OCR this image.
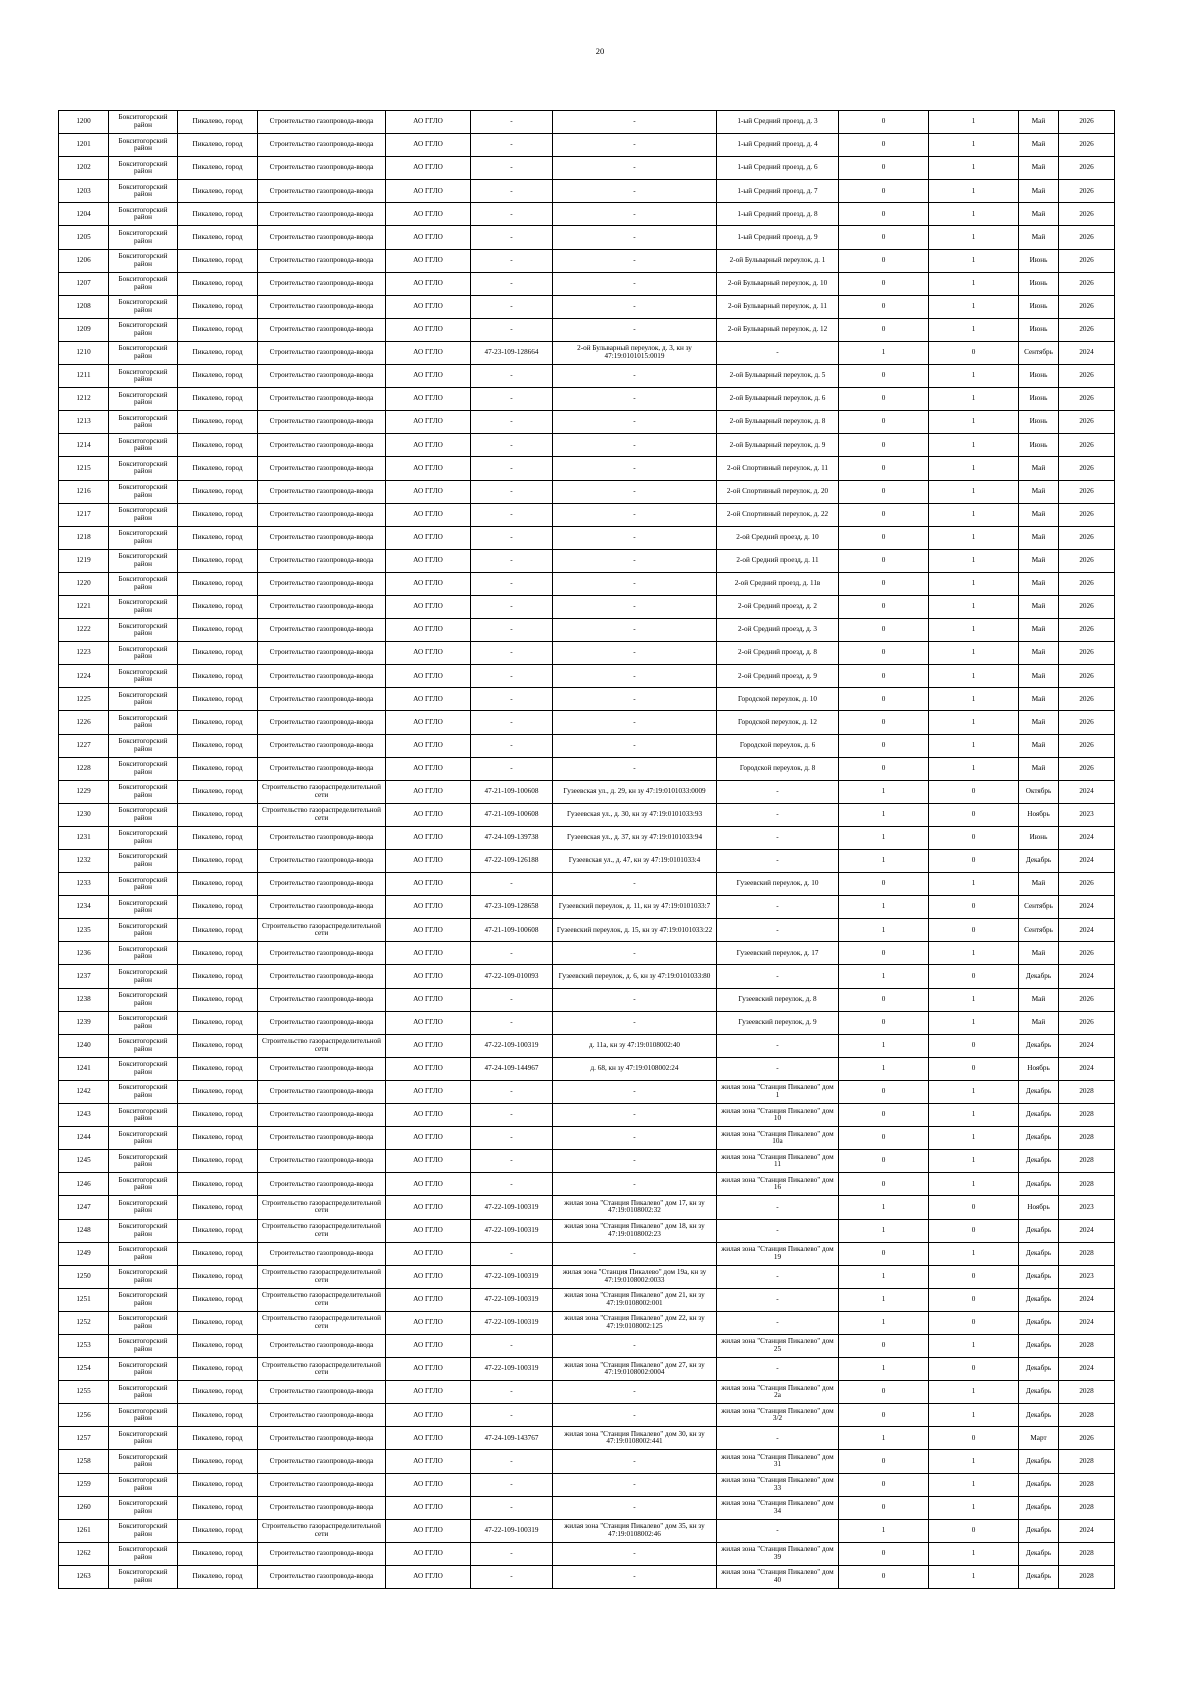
20
1200	Бокситогорский район	Пикалево, город	Строительство газопровода-ввода	АО ГГЛО	-	-	1-ый Средний проезд, д. 3	0	1	Май	2026
1201	Бокситогорский район	Пикалево, город	Строительство газопровода-ввода	АО ГГЛО	-	-	1-ый Средний проезд, д. 4	0	1	Май	2026
1202	Бокситогорский район	Пикалево, город	Строительство газопровода-ввода	АО ГГЛО	-	-	1-ый Средний проезд, д. 6	0	1	Май	2026
1203	Бокситогорский район	Пикалево, город	Строительство газопровода-ввода	АО ГГЛО	-	-	1-ый Средний проезд, д. 7	0	1	Май	2026
1204	Бокситогорский район	Пикалево, город	Строительство газопровода-ввода	АО ГГЛО	-	-	1-ый Средний проезд, д. 8	0	1	Май	2026
1205	Бокситогорский район	Пикалево, город	Строительство газопровода-ввода	АО ГГЛО	-	-	1-ый Средний проезд, д. 9	0	1	Май	2026
1206	Бокситогорский район	Пикалево, город	Строительство газопровода-ввода	АО ГГЛО	-	-	2-ой Бульварный переулок, д. 1	0	1	Июнь	2026
1207	Бокситогорский район	Пикалево, город	Строительство газопровода-ввода	АО ГГЛО	-	-	2-ой Бульварный переулок, д. 10	0	1	Июнь	2026
1208	Бокситогорский район	Пикалево, город	Строительство газопровода-ввода	АО ГГЛО	-	-	2-ой Бульварный переулок, д. 11	0	1	Июнь	2026
1209	Бокситогорский район	Пикалево, город	Строительство газопровода-ввода	АО ГГЛО	-	-	2-ой Бульварный переулок, д. 12	0	1	Июнь	2026
1210	Бокситогорский район	Пикалево, город	Строительство газопровода-ввода	АО ГГЛО	47-23-109-128664	2-ой Бульварный переулок, д. 3, кн зу 47:19:0101015:0019	-	1	0	Сентябрь	2024
1211	Бокситогорский район	Пикалево, город	Строительство газопровода-ввода	АО ГГЛО	-	-	2-ой Бульварный переулок, д. 5	0	1	Июнь	2026
1212	Бокситогорский район	Пикалево, город	Строительство газопровода-ввода	АО ГГЛО	-	-	2-ой Бульварный переулок, д. 6	0	1	Июнь	2026
1213	Бокситогорский район	Пикалево, город	Строительство газопровода-ввода	АО ГГЛО	-	-	2-ой Бульварный переулок, д. 8	0	1	Июнь	2026
1214	Бокситогорский район	Пикалево, город	Строительство газопровода-ввода	АО ГГЛО	-	-	2-ой Бульварный переулок, д. 9	0	1	Июнь	2026
1215	Бокситогорский район	Пикалево, город	Строительство газопровода-ввода	АО ГГЛО	-	-	2-ой Спортивный переулок, д. 11	0	1	Май	2026
1216	Бокситогорский район	Пикалево, город	Строительство газопровода-ввода	АО ГГЛО	-	-	2-ой Спортивный переулок, д. 20	0	1	Май	2026
1217	Бокситогорский район	Пикалево, город	Строительство газопровода-ввода	АО ГГЛО	-	-	2-ой Спортивный переулок, д. 22	0	1	Май	2026
1218	Бокситогорский район	Пикалево, город	Строительство газопровода-ввода	АО ГГЛО	-	-	2-ой Средний проезд, д. 10	0	1	Май	2026
1219	Бокситогорский район	Пикалево, город	Строительство газопровода-ввода	АО ГГЛО	-	-	2-ой Средний проезд, д. 11	0	1	Май	2026
1220	Бокситогорский район	Пикалево, город	Строительство газопровода-ввода	АО ГГЛО	-	-	2-ой Средний проезд, д. 11в	0	1	Май	2026
1221	Бокситогорский район	Пикалево, город	Строительство газопровода-ввода	АО ГГЛО	-	-	2-ой Средний проезд, д. 2	0	1	Май	2026
1222	Бокситогорский район	Пикалево, город	Строительство газопровода-ввода	АО ГГЛО	-	-	2-ой Средний проезд, д. 3	0	1	Май	2026
1223	Бокситогорский район	Пикалево, город	Строительство газопровода-ввода	АО ГГЛО	-	-	2-ой Средний проезд, д. 8	0	1	Май	2026
1224	Бокситогорский район	Пикалево, город	Строительство газопровода-ввода	АО ГГЛО	-	-	2-ой Средний проезд, д. 9	0	1	Май	2026
1225	Бокситогорский район	Пикалево, город	Строительство газопровода-ввода	АО ГГЛО	-	-	Городской переулок, д. 10	0	1	Май	2026
1226	Бокситогорский район	Пикалево, город	Строительство газопровода-ввода	АО ГГЛО	-	-	Городской переулок, д. 12	0	1	Май	2026
1227	Бокситогорский район	Пикалево, город	Строительство газопровода-ввода	АО ГГЛО	-	-	Городской переулок, д. 6	0	1	Май	2026
1228	Бокситогорский район	Пикалево, город	Строительство газопровода-ввода	АО ГГЛО	-	-	Городской переулок, д. 8	0	1	Май	2026
1229	Бокситогорский район	Пикалево, город	Строительство газораспределительной сети	АО ГГЛО	47-21-109-100608	Гузеевская ул., д. 29, кн зу 47:19:0101033:0009	-	1	0	Октябрь	2024
1230	Бокситогорский район	Пикалево, город	Строительство газораспределительной сети	АО ГГЛО	47-21-109-100608	Гузеевская ул., д. 30, кн зу 47:19:0101033:93	-	1	0	Ноябрь	2023
1231	Бокситогорский район	Пикалево, город	Строительство газопровода-ввода	АО ГГЛО	47-24-109-139738	Гузеевская ул., д. 37, кн зу 47:19:0101033:94	-	1	0	Июнь	2024
1232	Бокситогорский район	Пикалево, город	Строительство газопровода-ввода	АО ГГЛО	47-22-109-126188	Гузеевская ул., д. 47, кн зу 47:19:0101033:4	-	1	0	Декабрь	2024
1233	Бокситогорский район	Пикалево, город	Строительство газопровода-ввода	АО ГГЛО	-	-	Гузеевский переулок, д. 10	0	1	Май	2026
1234	Бокситогорский район	Пикалево, город	Строительство газопровода-ввода	АО ГГЛО	47-23-109-128658	Гузеевский переулок, д. 11, кн зу 47:19:0101033:7	-	1	0	Сентябрь	2024
1235	Бокситогорский район	Пикалево, город	Строительство газораспределительной сети	АО ГГЛО	47-21-109-100608	Гузеевский переулок, д. 15, кн зу 47:19:0101033:22	-	1	0	Сентябрь	2024
1236	Бокситогорский район	Пикалево, город	Строительство газопровода-ввода	АО ГГЛО	-	-	Гузеевский переулок, д. 17	0	1	Май	2026
1237	Бокситогорский район	Пикалево, город	Строительство газопровода-ввода	АО ГГЛО	47-22-109-010093	Гузеевский переулок, д. 6, кн зу 47:19:0101033:80	-	1	0	Декабрь	2024
1238	Бокситогорский район	Пикалево, город	Строительство газопровода-ввода	АО ГГЛО	-	-	Гузеевский переулок, д. 8	0	1	Май	2026
1239	Бокситогорский район	Пикалево, город	Строительство газопровода-ввода	АО ГГЛО	-	-	Гузеевский переулок, д. 9	0	1	Май	2026
1240	Бокситогорский район	Пикалево, город	Строительство газораспределительной сети	АО ГГЛО	47-22-109-100319	д. 11а, кн зу 47:19:0108002:40	-	1	0	Декабрь	2024
1241	Бокситогорский район	Пикалево, город	Строительство газопровода-ввода	АО ГГЛО	47-24-109-144967	д. 68, кн зу 47:19:0108002:24	-	1	0	Ноябрь	2024
1242	Бокситогорский район	Пикалево, город	Строительство газопровода-ввода	АО ГГЛО	-	-	жилая зона "Станция Пикалево" дом 1	0	1	Декабрь	2028
1243	Бокситогорский район	Пикалево, город	Строительство газопровода-ввода	АО ГГЛО	-	-	жилая зона "Станция Пикалево" дом 10	0	1	Декабрь	2028
1244	Бокситогорский район	Пикалево, город	Строительство газопровода-ввода	АО ГГЛО	-	-	жилая зона "Станция Пикалево" дом 10а	0	1	Декабрь	2028
1245	Бокситогорский район	Пикалево, город	Строительство газопровода-ввода	АО ГГЛО	-	-	жилая зона "Станция Пикалево" дом 11	0	1	Декабрь	2028
1246	Бокситогорский район	Пикалево, город	Строительство газопровода-ввода	АО ГГЛО	-	-	жилая зона "Станция Пикалево" дом 16	0	1	Декабрь	2028
1247	Бокситогорский район	Пикалево, город	Строительство газораспределительной сети	АО ГГЛО	47-22-109-100319	жилая зона "Станция Пикалево" дом 17, кн зу 47:19:0108002:32	-	1	0	Ноябрь	2023
1248	Бокситогорский район	Пикалево, город	Строительство газораспределительной сети	АО ГГЛО	47-22-109-100319	жилая зона "Станция Пикалево" дом 18, кн зу 47:19:0108002:23	-	1	0	Декабрь	2024
1249	Бокситогорский район	Пикалево, город	Строительство газопровода-ввода	АО ГГЛО	-	-	жилая зона "Станция Пикалево" дом 19	0	1	Декабрь	2028
1250	Бокситогорский район	Пикалево, город	Строительство газораспределительной сети	АО ГГЛО	47-22-109-100319	жилая зона "Станция Пикалево" дом 19а, кн зу 47:19:0108002:0033	-	1	0	Декабрь	2023
1251	Бокситогорский район	Пикалево, город	Строительство газораспределительной сети	АО ГГЛО	47-22-109-100319	жилая зона "Станция Пикалево" дом 21, кн зу 47:19:0108002:001	-	1	0	Декабрь	2024
1252	Бокситогорский район	Пикалево, город	Строительство газораспределительной сети	АО ГГЛО	47-22-109-100319	жилая зона "Станция Пикалево" дом 22, кн зу 47:19:0108002:125	-	1	0	Декабрь	2024
1253	Бокситогорский район	Пикалево, город	Строительство газопровода-ввода	АО ГГЛО	-	-	жилая зона "Станция Пикалево" дом 25	0	1	Декабрь	2028
1254	Бокситогорский район	Пикалево, город	Строительство газораспределительной сети	АО ГГЛО	47-22-109-100319	жилая зона "Станция Пикалево" дом 27, кн зу 47:19:0108002:0004	-	1	0	Декабрь	2024
1255	Бокситогорский район	Пикалево, город	Строительство газопровода-ввода	АО ГГЛО	-	-	жилая зона "Станция Пикалево" дом 2а	0	1	Декабрь	2028
1256	Бокситогорский район	Пикалево, город	Строительство газопровода-ввода	АО ГГЛО	-	-	жилая зона "Станция Пикалево" дом 3/2	0	1	Декабрь	2028
1257	Бокситогорский район	Пикалево, город	Строительство газопровода-ввода	АО ГГЛО	47-24-109-143767	жилая зона "Станция Пикалево" дом 30, кн зу 47:19:0108002:441	-	1	0	Март	2026
1258	Бокситогорский район	Пикалево, город	Строительство газопровода-ввода	АО ГГЛО	-	-	жилая зона "Станция Пикалево" дом 31	0	1	Декабрь	2028
1259	Бокситогорский район	Пикалево, город	Строительство газопровода-ввода	АО ГГЛО	-	-	жилая зона "Станция Пикалево" дом 33	0	1	Декабрь	2028
1260	Бокситогорский район	Пикалево, город	Строительство газопровода-ввода	АО ГГЛО	-	-	жилая зона "Станция Пикалево" дом 34	0	1	Декабрь	2028
1261	Бокситогорский район	Пикалево, город	Строительство газораспределительной сети	АО ГГЛО	47-22-109-100319	жилая зона "Станция Пикалево" дом 35, кн зу 47:19:0108002:46	-	1	0	Декабрь	2024
1262	Бокситогорский район	Пикалево, город	Строительство газопровода-ввода	АО ГГЛО	-	-	жилая зона "Станция Пикалево" дом 39	0	1	Декабрь	2028
1263	Бокситогорский район	Пикалево, город	Строительство газопровода-ввода	АО ГГЛО	-	-	жилая зона "Станция Пикалево" дом 40	0	1	Декабрь	2028
